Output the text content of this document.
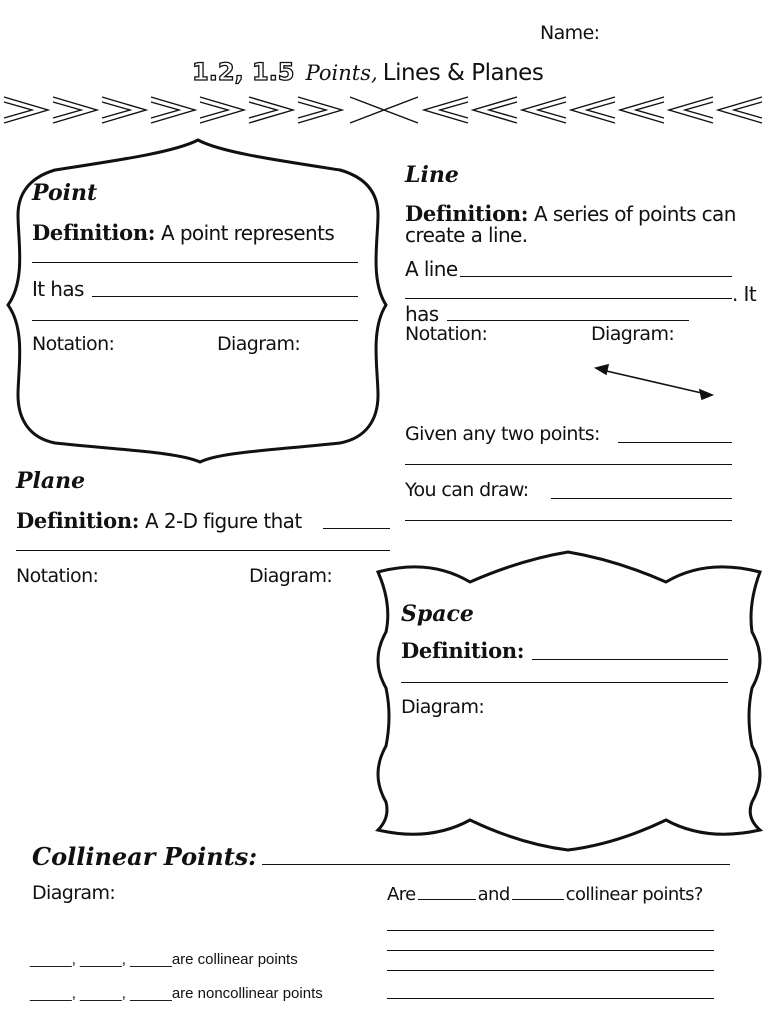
Name:
1.2, 1.5 Points, Lines & Planes
Point
Definition: A point represents
It has
Notation:	Diagram:
Line
Definition: A series of points can
create a line.
A line
. It
has
Notation:	Diagram:
Given any two points:
You can draw:
Plane
Definition: A 2-D figure that
Notation:	Diagram:
Space
Definition:
Diagram:
Collinear Points:
Diagram:	Are	and	collinear points?
_____, _____, _____are collinear points
_____, _____, _____are noncollinear points
